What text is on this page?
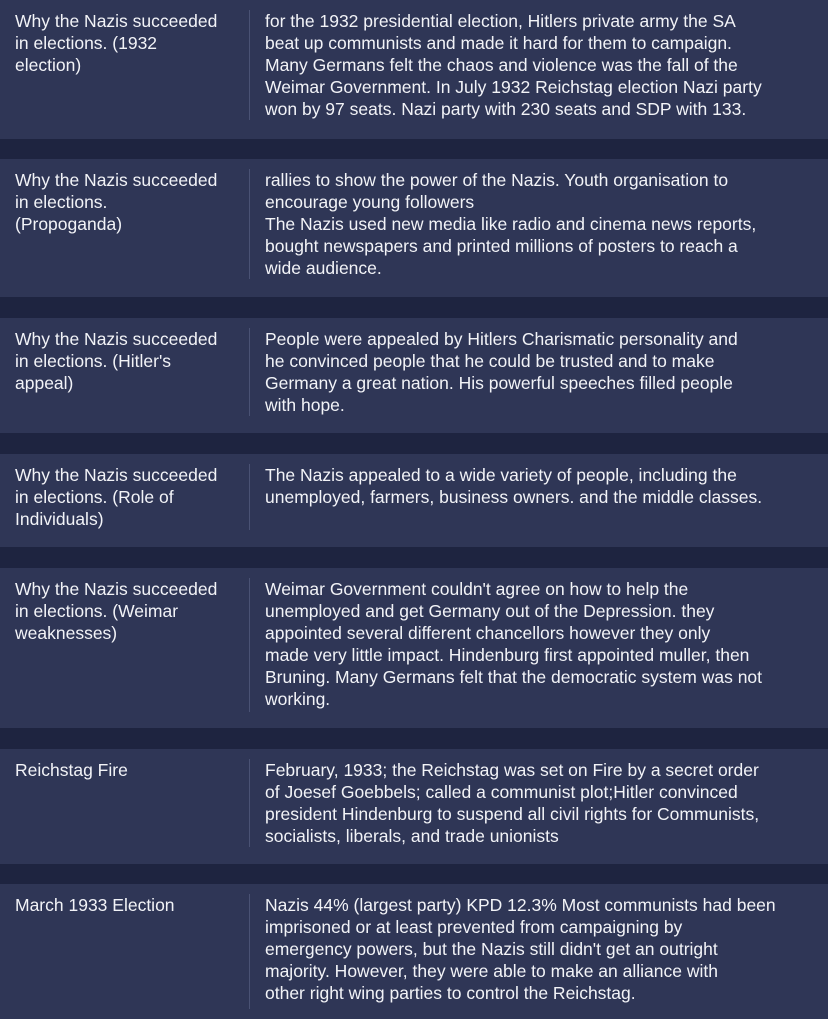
Why the Nazis succeeded
in elections. (1932
election)
for the 1932 presidential election, Hitlers private army the SA
beat up communists and made it hard for them to campaign.
Many Germans felt the chaos and violence was the fall of the
Weimar Government. In July 1932 Reichstag election Nazi party
won by 97 seats. Nazi party with 230 seats and SDP with 133.
Why the Nazis succeeded
in elections.
(Propoganda)
rallies to show the power of the Nazis. Youth organisation to
encourage young followers
The Nazis used new media like radio and cinema news reports,
bought newspapers and printed millions of posters to reach a
wide audience.
Why the Nazis succeeded
in elections. (Hitler's
appeal)
People were appealed by Hitlers Charismatic personality and
he convinced people that he could be trusted and to make
Germany a great nation. His powerful speeches filled people
with hope.
Why the Nazis succeeded
in elections. (Role of
Individuals)
The Nazis appealed to a wide variety of people, including the
unemployed, farmers, business owners. and the middle classes.
Why the Nazis succeeded
in elections. (Weimar
weaknesses)
Weimar Government couldn't agree on how to help the
unemployed and get Germany out of the Depression. they
appointed several different chancellors however they only
made very little impact. Hindenburg first appointed muller, then
Bruning. Many Germans felt that the democratic system was not
working.
Reichstag Fire	February, 1933; the Reichstag was set on Fire by a secret order
of Joesef Goebbels; called a communist plot;Hitler convinced
president Hindenburg to suspend all civil rights for Communists,
socialists, liberals, and trade unionists
March 1933 Election	Nazis 44% (largest party) KPD 12.3% Most communists had been
imprisoned or at least prevented from campaigning by
emergency powers, but the Nazis still didn't get an outright
majority. However, they were able to make an alliance with
other right wing parties to control the Reichstag.
